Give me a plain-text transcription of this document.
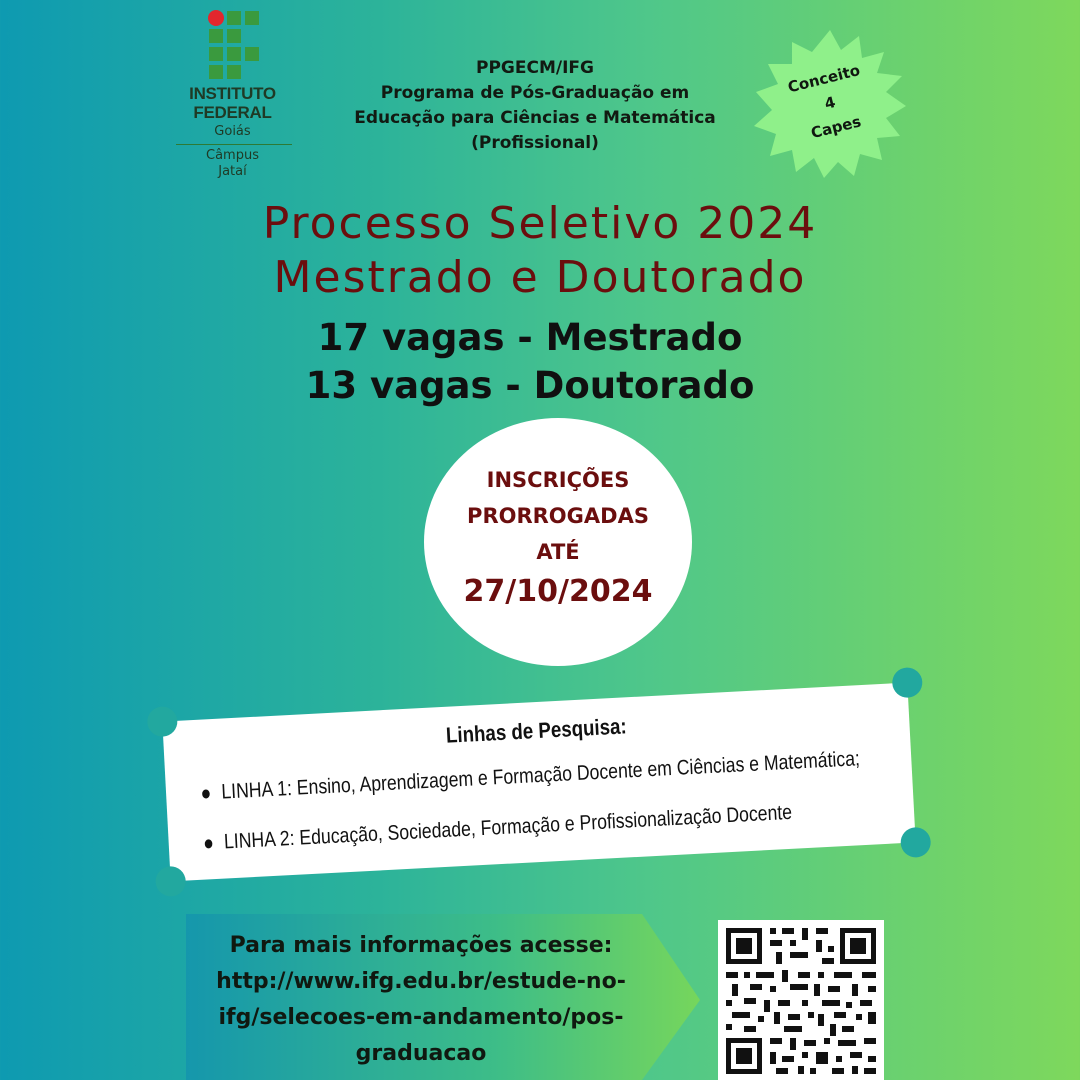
INSTITUTO
FEDERAL
Goiás
Câmpus
Jataí
PPGECM/IFG
Programa de Pós-Graduação em
Educação para Ciências e Matemática
(Profissional)
Conceito
4
Capes
Processo Seletivo 2024
Mestrado e Doutorado
17 vagas - Mestrado
13 vagas - Doutorado
INSCRIÇÕES
PRORROGADAS
ATÉ
27/10/2024
Linhas de Pesquisa:
LINHA 1: Ensino, Aprendizagem e Formação Docente em Ciências e Matemática;
LINHA 2: Educação, Sociedade, Formação e Profissionalização Docente
Para mais informações acesse:
http://www.ifg.edu.br/estude-no-
ifg/selecoes-em-andamento/pos-
graduacao
